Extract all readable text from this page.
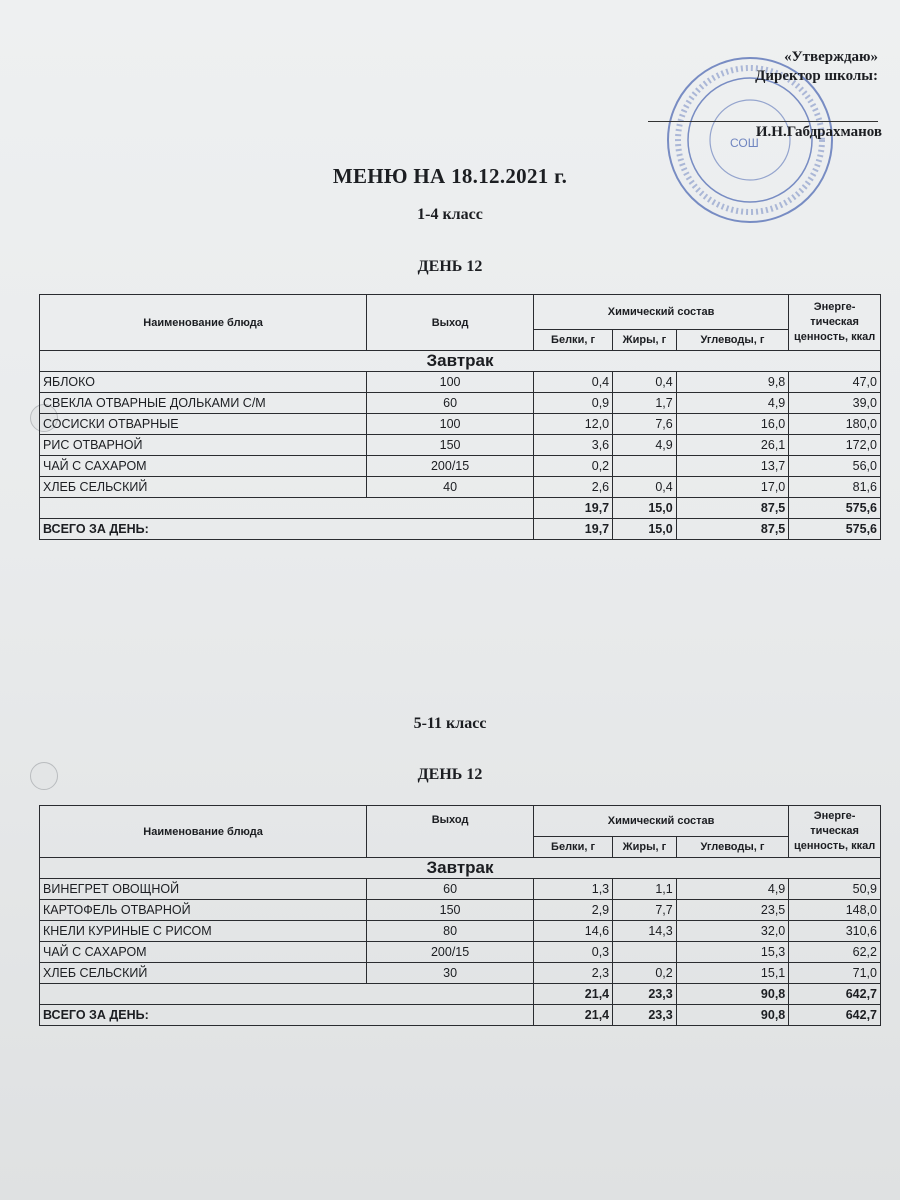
СОШ
«Утверждаю»
Директор школы:
И.Н.Габдрахманов
МЕНЮ НА 18.12.2021 г.
1-4 класс
ДЕНЬ 12
Наименование блюда	Выход	Химический состав			Энерге-тическая ценность, ккал
		Белки, г	Жиры, г	Углеводы, г	
Завтрак					
ЯБЛОКО	100	0,4	0,4	9,8	47,0
СВЕКЛА ОТВАРНЫЕ ДОЛЬКАМИ С/М	60	0,9	1,7	4,9	39,0
СОСИСКИ ОТВАРНЫЕ	100	12,0	7,6	16,0	180,0
РИС ОТВАРНОЙ	150	3,6	4,9	26,1	172,0
ЧАЙ С САХАРОМ	200/15	0,2		13,7	56,0
ХЛЕБ СЕЛЬСКИЙ	40	2,6	0,4	17,0	81,6
		19,7	15,0	87,5	575,6
ВСЕГО ЗА ДЕНЬ:		19,7	15,0	87,5	575,6
5-11 класс
ДЕНЬ 12
Наименование блюда	Выход	Химический состав			Энерге-тическая ценность, ккал
		Белки, г	Жиры, г	Углеводы, г	
Завтрак					
ВИНЕГРЕТ ОВОЩНОЙ	60	1,3	1,1	4,9	50,9
КАРТОФЕЛЬ ОТВАРНОЙ	150	2,9	7,7	23,5	148,0
КНЕЛИ КУРИНЫЕ С РИСОМ	80	14,6	14,3	32,0	310,6
ЧАЙ С САХАРОМ	200/15	0,3		15,3	62,2
ХЛЕБ СЕЛЬСКИЙ	30	2,3	0,2	15,1	71,0
		21,4	23,3	90,8	642,7
ВСЕГО ЗА ДЕНЬ:		21,4	23,3	90,8	642,7
